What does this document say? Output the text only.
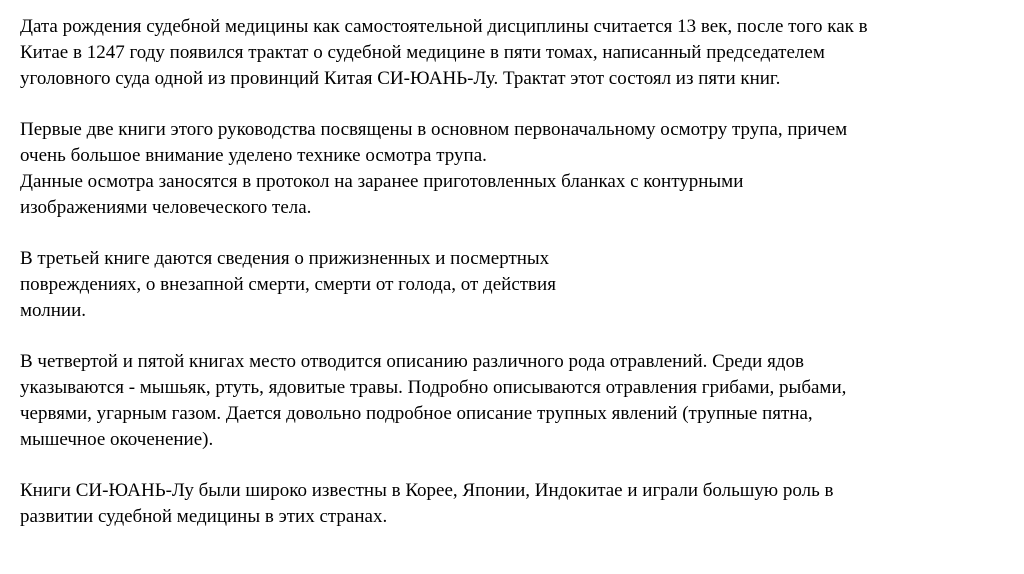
Дата рождения судебной медицины как самостоятельной дисциплины считается 13 век, после того как в
Китае в 1247 году появился трактат о судебной медицине в пяти томах, написанный председателем
уголовного суда одной из провинций Китая СИ-ЮАНЬ-Лу. Трактат этот состоял из пяти книг.

Первые две книги этого руководства посвящены в основном первоначальному осмотру трупа, причем
очень большое внимание уделено технике осмотра трупа.

Данные осмотра заносятся в протокол на заранее приготовленных бланках с контурными
изображениями человеческого тела.

В третьей книге даются сведения о прижизненных и посмертных
повреждениях, о внезапной смерти, смерти от голода, от действия
молнии.

В четвертой и пятой книгах место отводится описанию различного рода отравлений. Среди ядов
указываются - мышьяк, ртуть, ядовитые травы. Подробно описываются отравления грибами, рыбами,
червями, угарным газом. Дается довольно подробное описание трупных явлений (трупные пятна,
мышечное окоченение).

Книги СИ-ЮАНЬ-Лу были широко известны в Корее, Японии, Индокитае и играли большую роль в
развитии судебной медицины в этих странах.
